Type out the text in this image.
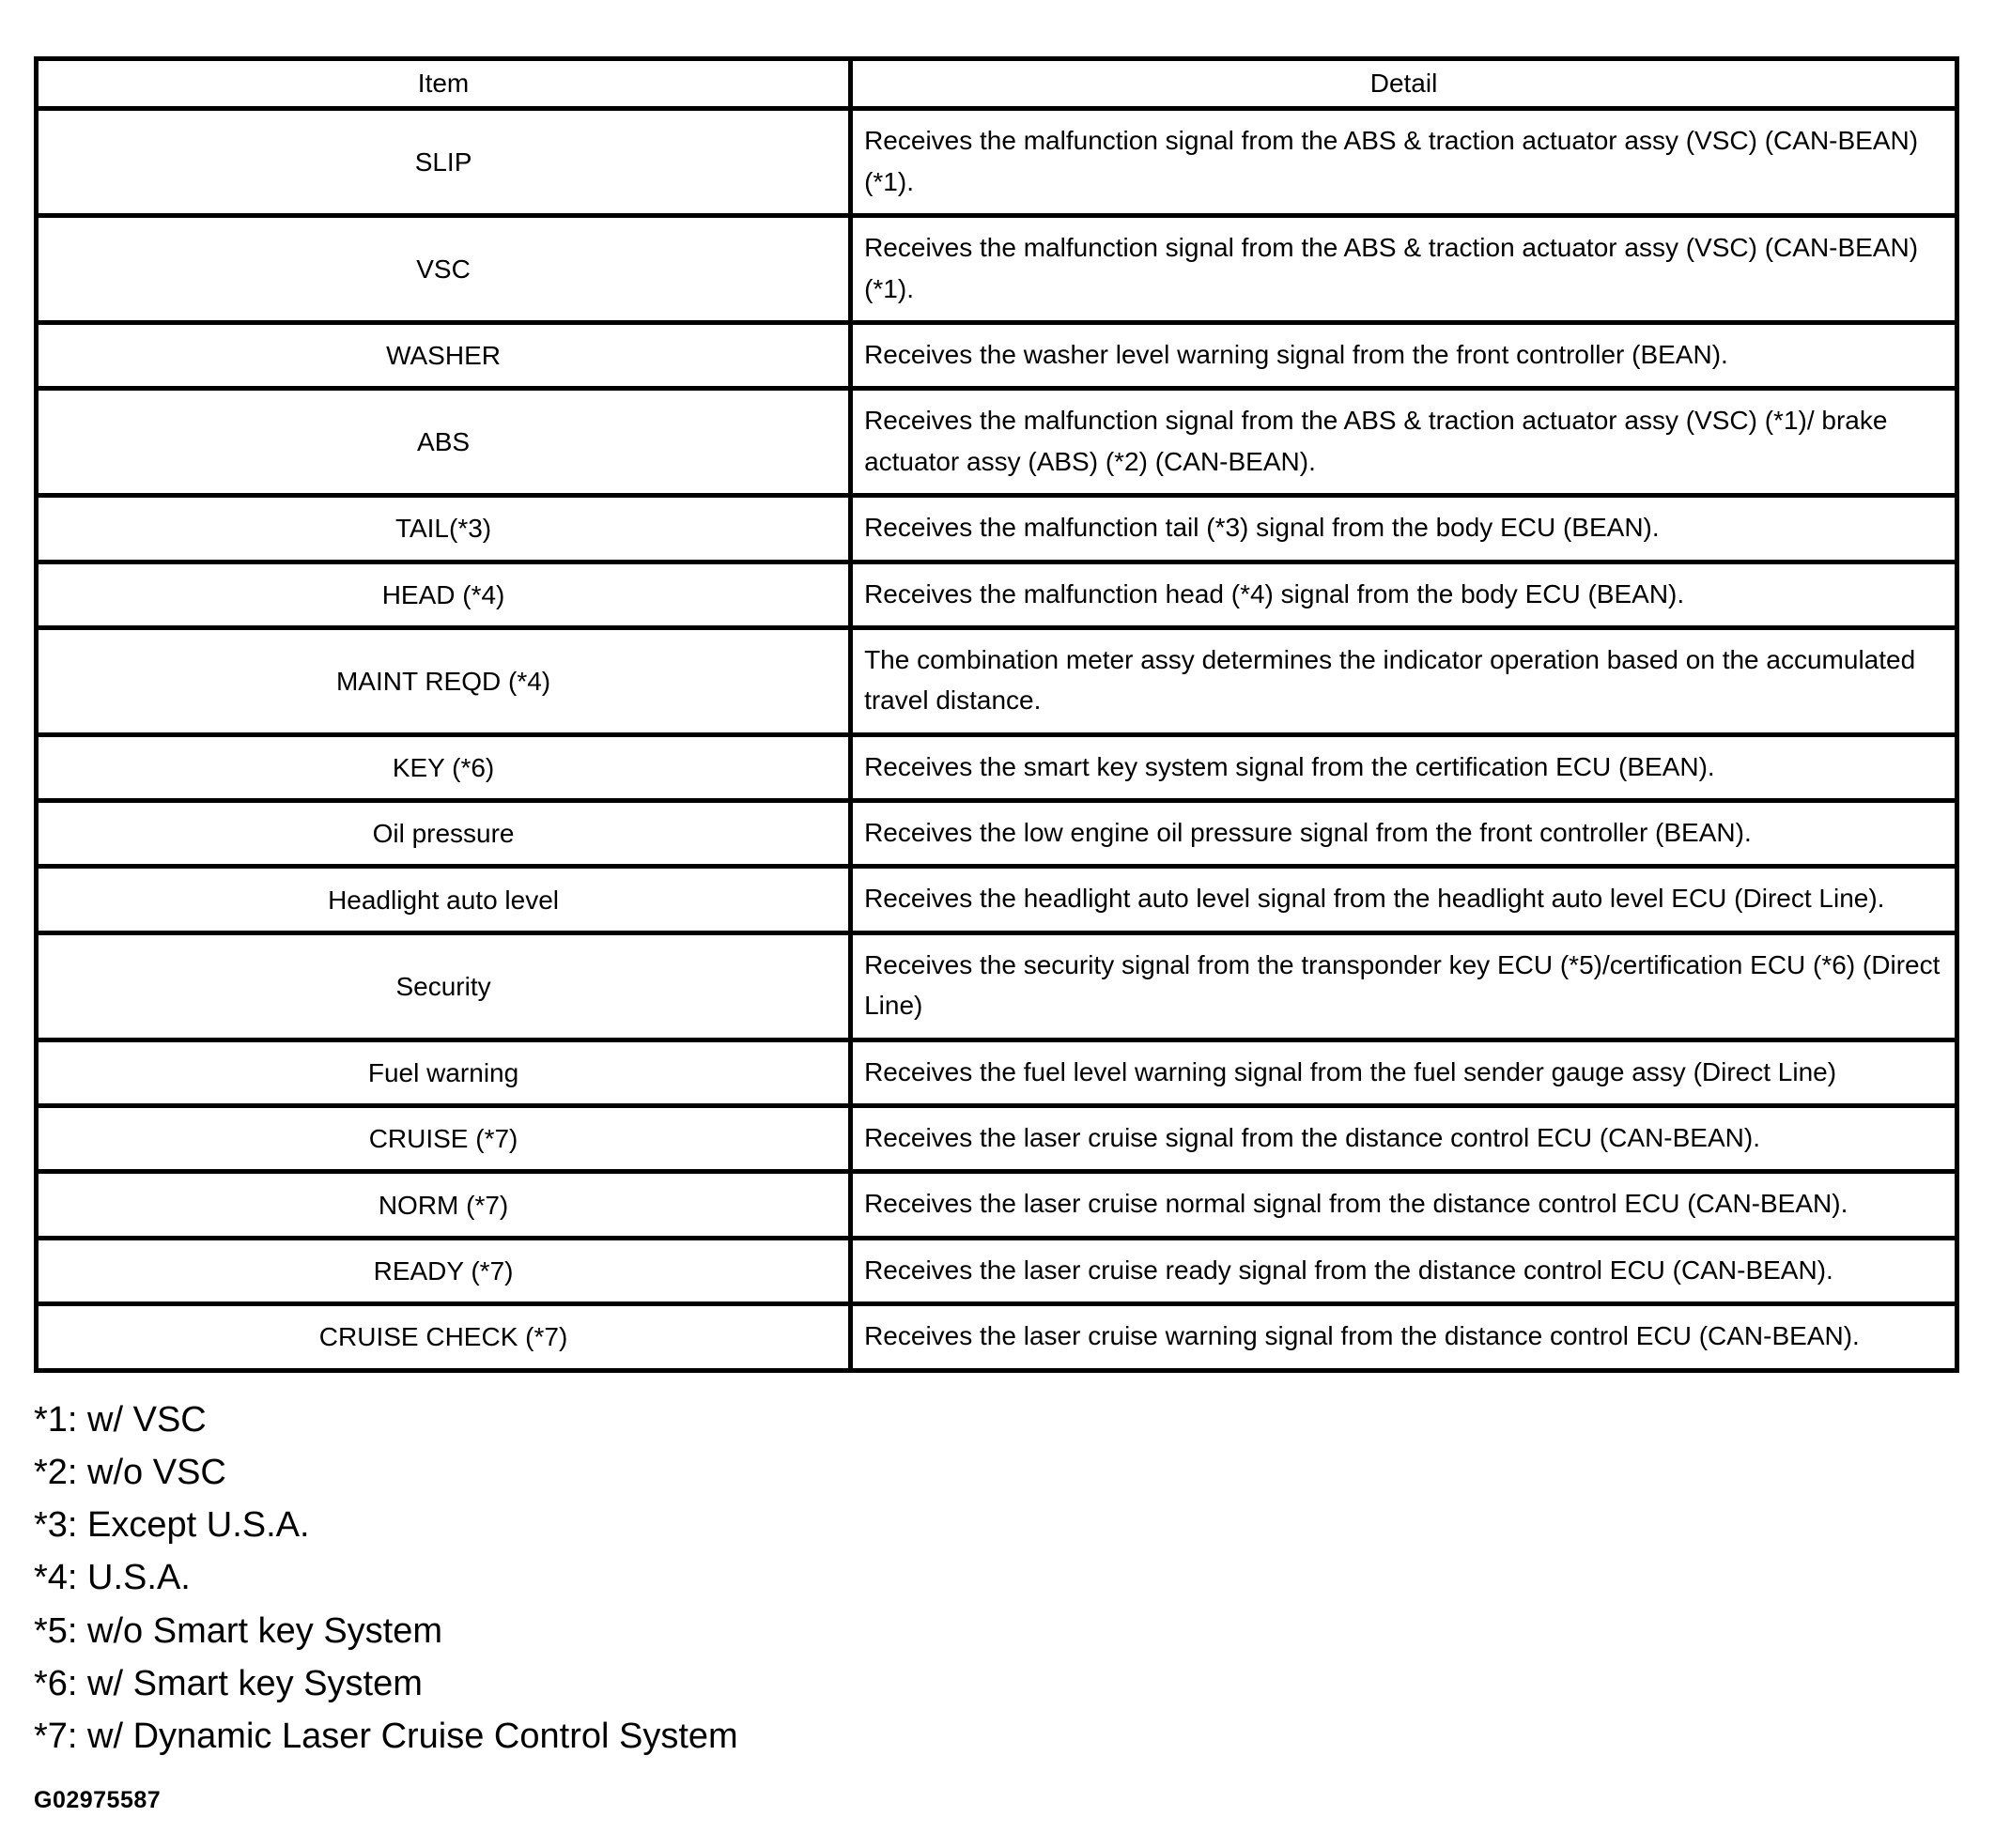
Item	Detail
SLIP	Receives the malfunction signal from the ABS & traction actuator assy (VSC) (CAN-BEAN) (*1).
VSC	Receives the malfunction signal from the ABS & traction actuator assy (VSC) (CAN-BEAN) (*1).
WASHER	Receives the washer level warning signal from the front controller (BEAN).
ABS	Receives the malfunction signal from the ABS & traction actuator assy (VSC) (*1)/ brake actuator assy (ABS) (*2) (CAN-BEAN).
TAIL(*3)	Receives the malfunction tail (*3) signal from the body ECU (BEAN).
HEAD (*4)	Receives the malfunction head (*4) signal from the body ECU (BEAN).
MAINT REQD (*4)	The combination meter assy determines the indicator operation based on the accumulated travel distance.
KEY (*6)	Receives the smart key system signal from the certification ECU (BEAN).
Oil pressure	Receives the low engine oil pressure signal from the front controller (BEAN).
Headlight auto level	Receives the headlight auto level signal from the headlight auto level ECU (Direct Line).
Security	Receives the security signal from the transponder key ECU (*5)/certification ECU (*6) (Direct Line)
Fuel warning	Receives the fuel level warning signal from the fuel sender gauge assy (Direct Line)
CRUISE (*7)	Receives the laser cruise signal from the distance control ECU (CAN-BEAN).
NORM (*7)	Receives the laser cruise normal signal from the distance control ECU (CAN-BEAN).
READY (*7)	Receives the laser cruise ready signal from the distance control ECU (CAN-BEAN).
CRUISE CHECK (*7)	Receives the laser cruise warning signal from the distance control ECU (CAN-BEAN).
*1: w/ VSC
*2: w/o VSC
*3: Except U.S.A.
*4: U.S.A.
*5: w/o Smart key System
*6: w/ Smart key System
*7: w/ Dynamic Laser Cruise Control System
G02975587
